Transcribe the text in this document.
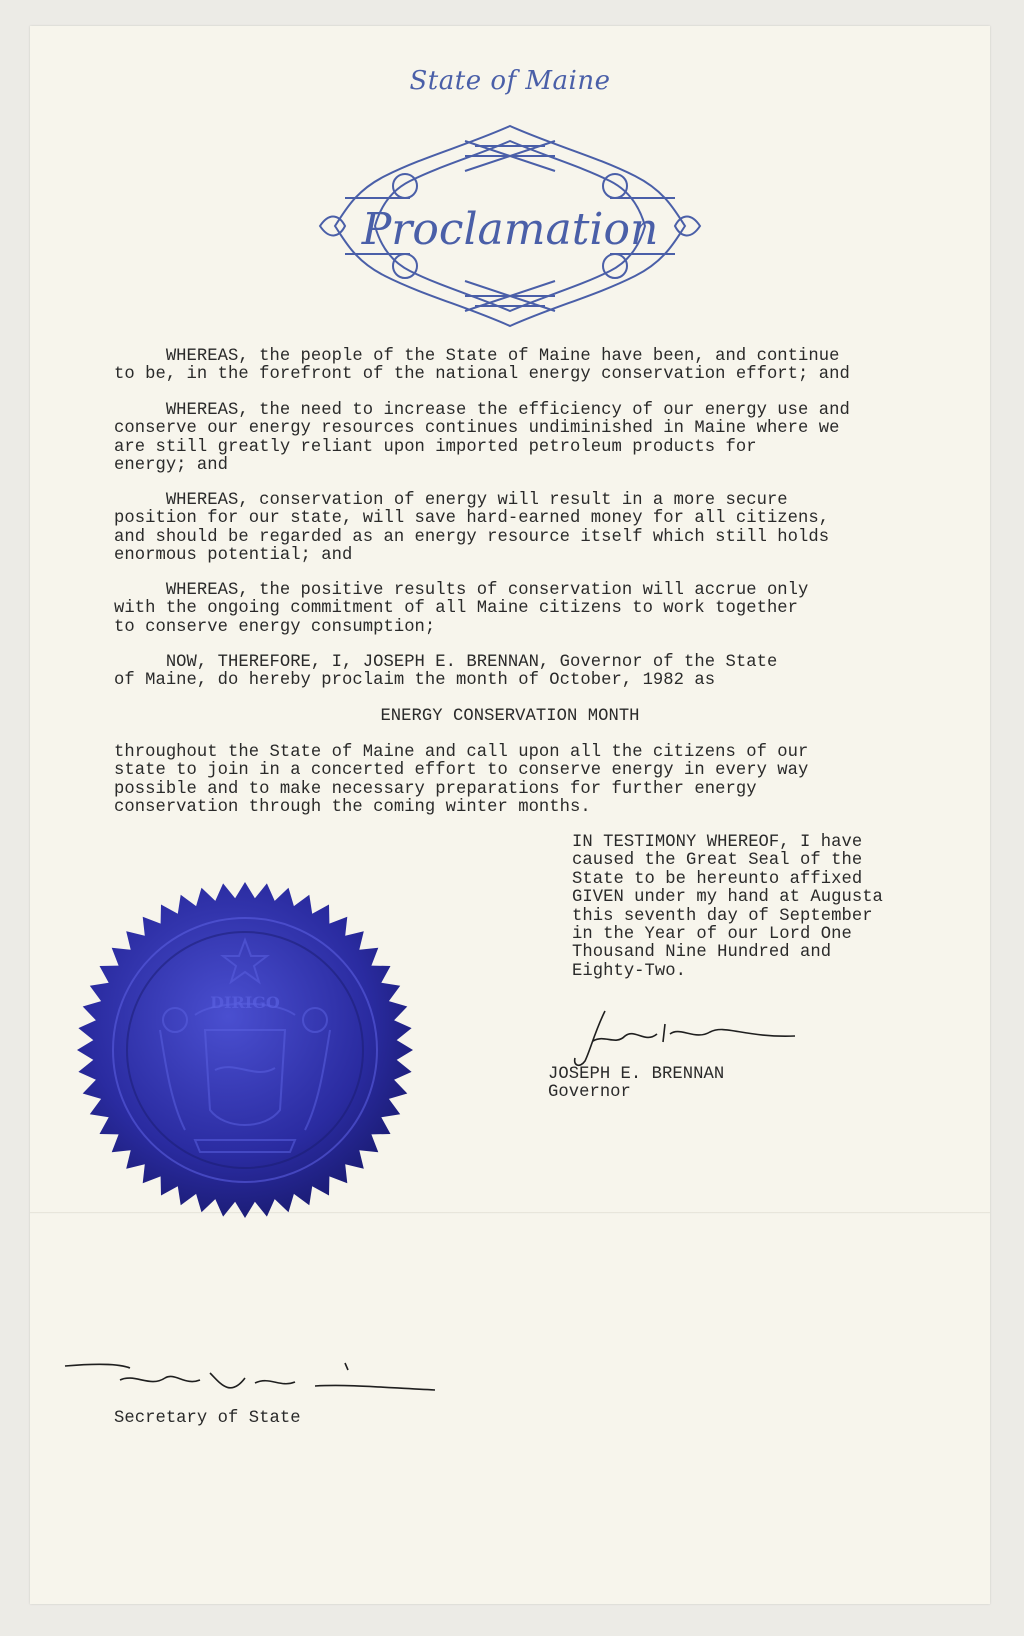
State of Maine
Proclamation
WHEREAS, the people of the State of Maine have been, and continue
to be, in the forefront of the national energy conservation effort; and
WHEREAS, the need to increase the efficiency of our energy use and
conserve our energy resources continues undiminished in Maine where we
are still greatly reliant upon imported petroleum products for
energy; and
WHEREAS, conservation of energy will result in a more secure
position for our state, will save hard-earned money for all citizens,
and should be regarded as an energy resource itself which still holds
enormous potential; and
WHEREAS, the positive results of conservation will accrue only
with the ongoing commitment of all Maine citizens to work together
to conserve energy consumption;
NOW, THEREFORE, I, JOSEPH E. BRENNAN, Governor of the State
of Maine, do hereby proclaim the month of October, 1982 as
ENERGY CONSERVATION MONTH
throughout the State of Maine and call upon all the citizens of our
state to join in a concerted effort to conserve energy in every way
possible and to make necessary preparations for further energy
conservation through the coming winter months.
IN TESTIMONY WHEREOF, I have
caused the Great Seal of the
State to be hereunto affixed
GIVEN under my hand at Augusta
this seventh day of September
in the Year of our Lord One
Thousand Nine Hundred and
Eighty-Two.
Joseph E Brennan
JOSEPH E. BRENNAN
Governor
Rodney S Quinn
Secretary of State
DIRIGO
